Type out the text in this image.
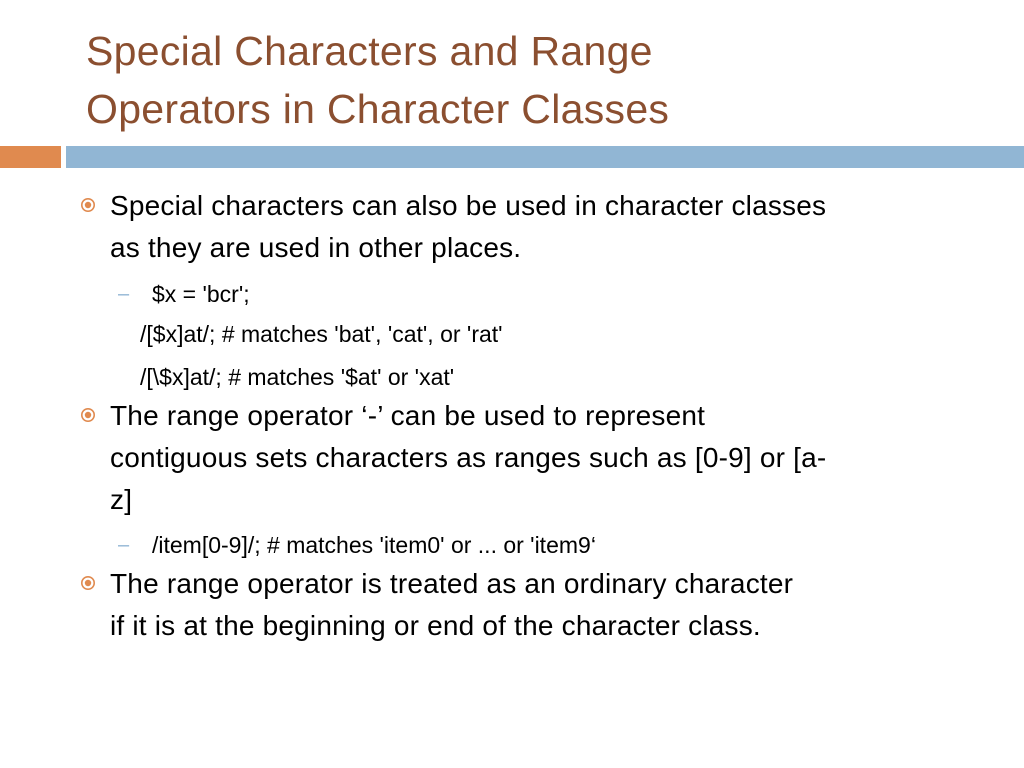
Special Characters and Range
Operators in Character Classes
Special characters can also be used in character classes
as they are used in other places.
– $x = 'bcr';
/[$x]at/; # matches 'bat', 'cat', or 'rat'
/[\$x]at/; # matches '$at' or 'xat'
The range operator ‘-’ can be used to represent
contiguous sets characters as ranges such as [0-9] or [a-
z]
– /item[0-9]/; # matches 'item0' or ... or 'item9‘
The range operator is treated as an ordinary character
if it is at the beginning or end of the character class.
